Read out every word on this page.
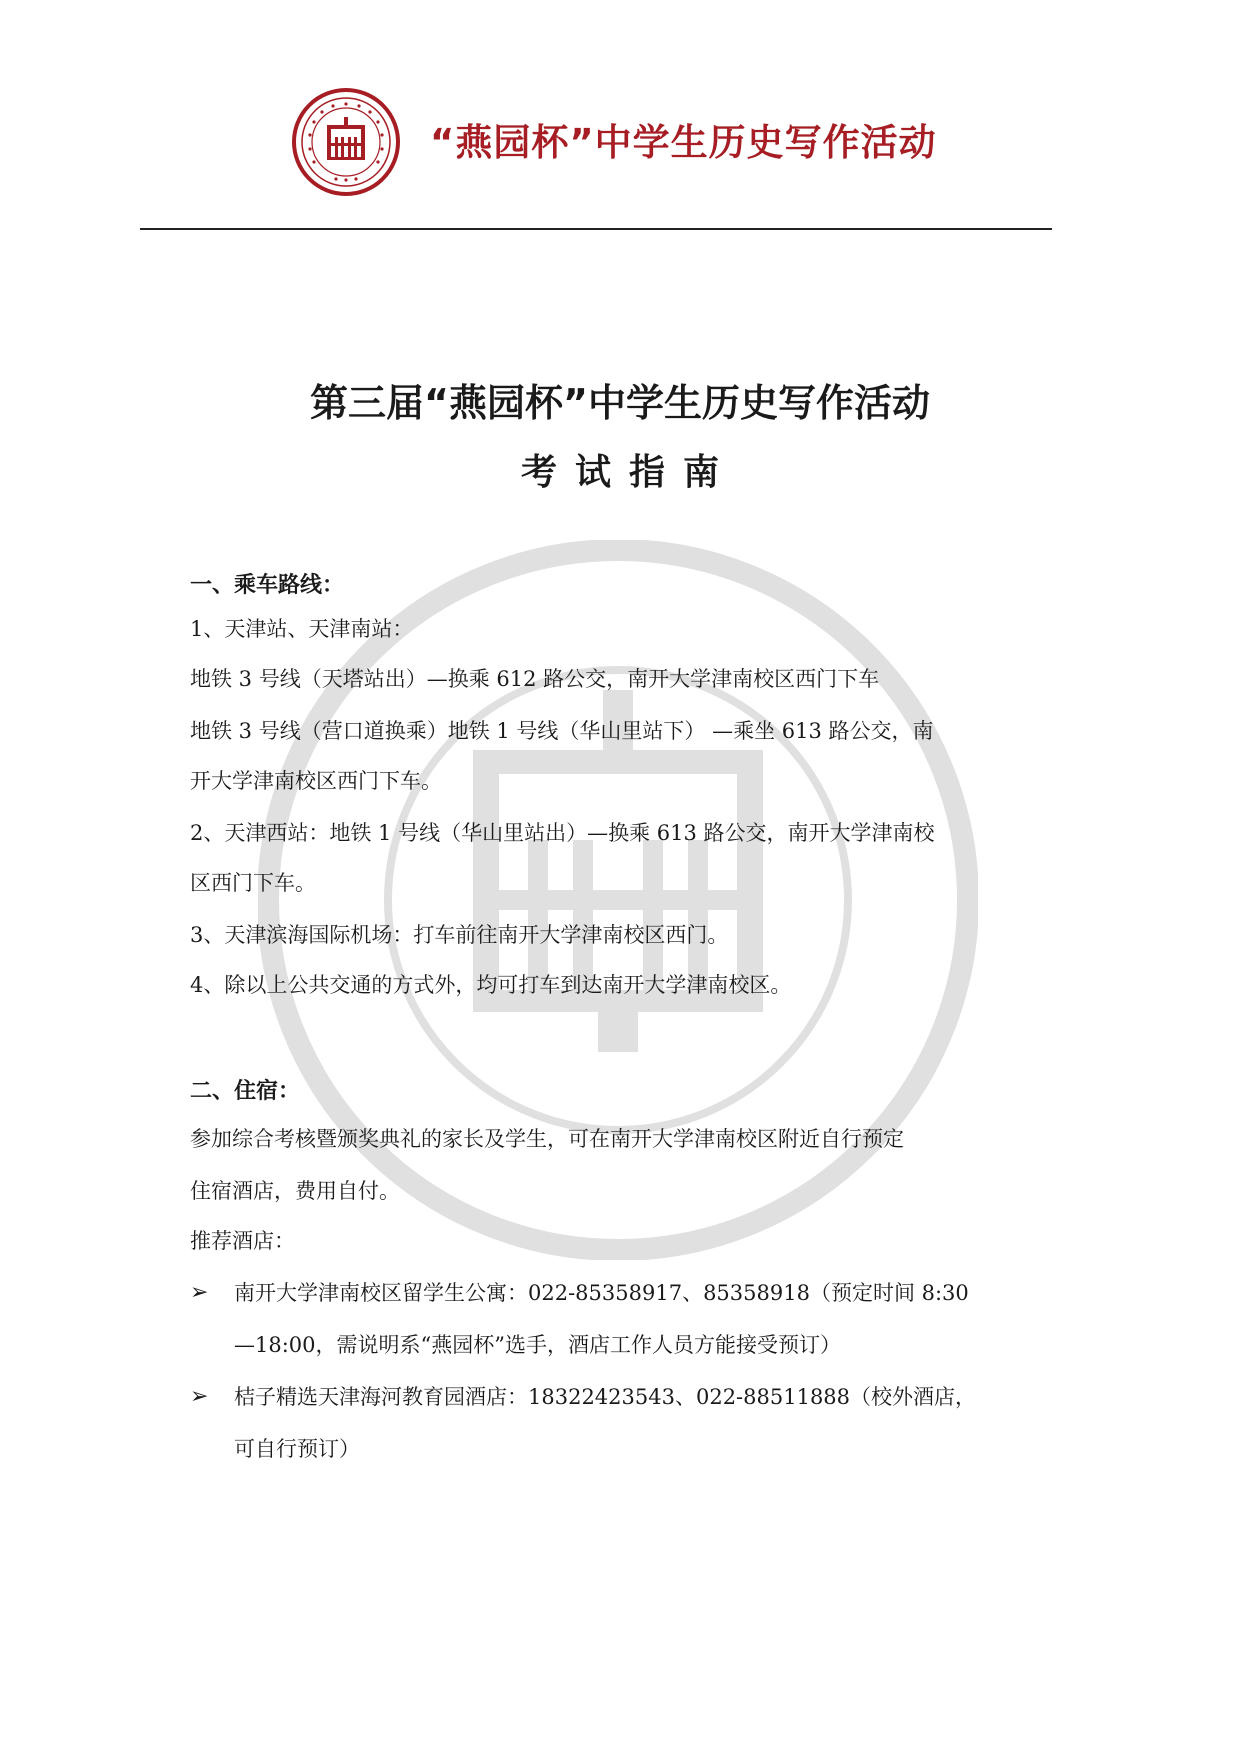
“燕园杯”中学生历史写作活动
第三届“燕园杯”中学生历史写作活动
考试指南
一、乘车路线：
1、天津站、天津南站：
地铁 3 号线（天塔站出）—换乘 612 路公交，南开大学津南校区西门下车
地铁 3 号线（营口道换乘）地铁 1 号线（华山里站下） —乘坐 613 路公交，南
开大学津南校区西门下车。
2、天津西站：地铁 1 号线（华山里站出）—换乘 613 路公交，南开大学津南校
区西门下车。
3、天津滨海国际机场：打车前往南开大学津南校区西门。
4、除以上公共交通的方式外，均可打车到达南开大学津南校区。
二、住宿：
参加综合考核暨颁奖典礼的家长及学生，可在南开大学津南校区附近自行预定
住宿酒店，费用自付。
推荐酒店：
➢ 南开大学津南校区留学生公寓：022-85358917、85358918（预定时间 8:30
—18:00，需说明系“燕园杯”选手，酒店工作人员方能接受预订）
➢ 桔子精选天津海河教育园酒店：18322423543、022-88511888（校外酒店，
可自行预订）
